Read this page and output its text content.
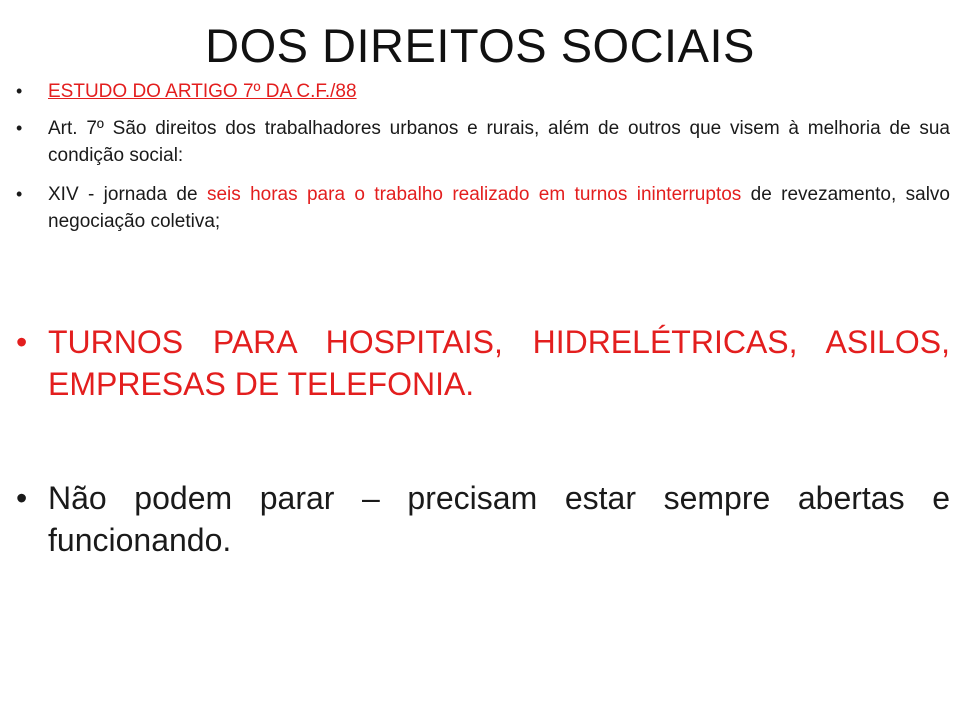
DOS DIREITOS SOCIAIS
• ESTUDO DO ARTIGO 7º DA C.F./88
• Art. 7º São direitos dos trabalhadores urbanos e rurais, além de outros que visem à melhoria de sua condição social:
• XIV - jornada de seis horas para o trabalho realizado em turnos ininterruptos de revezamento, salvo negociação coletiva;
• TURNOS PARA HOSPITAIS, HIDRELÉTRICAS, ASILOS, EMPRESAS DE TELEFONIA.
• Não podem parar – precisam estar sempre abertas e funcionando.
